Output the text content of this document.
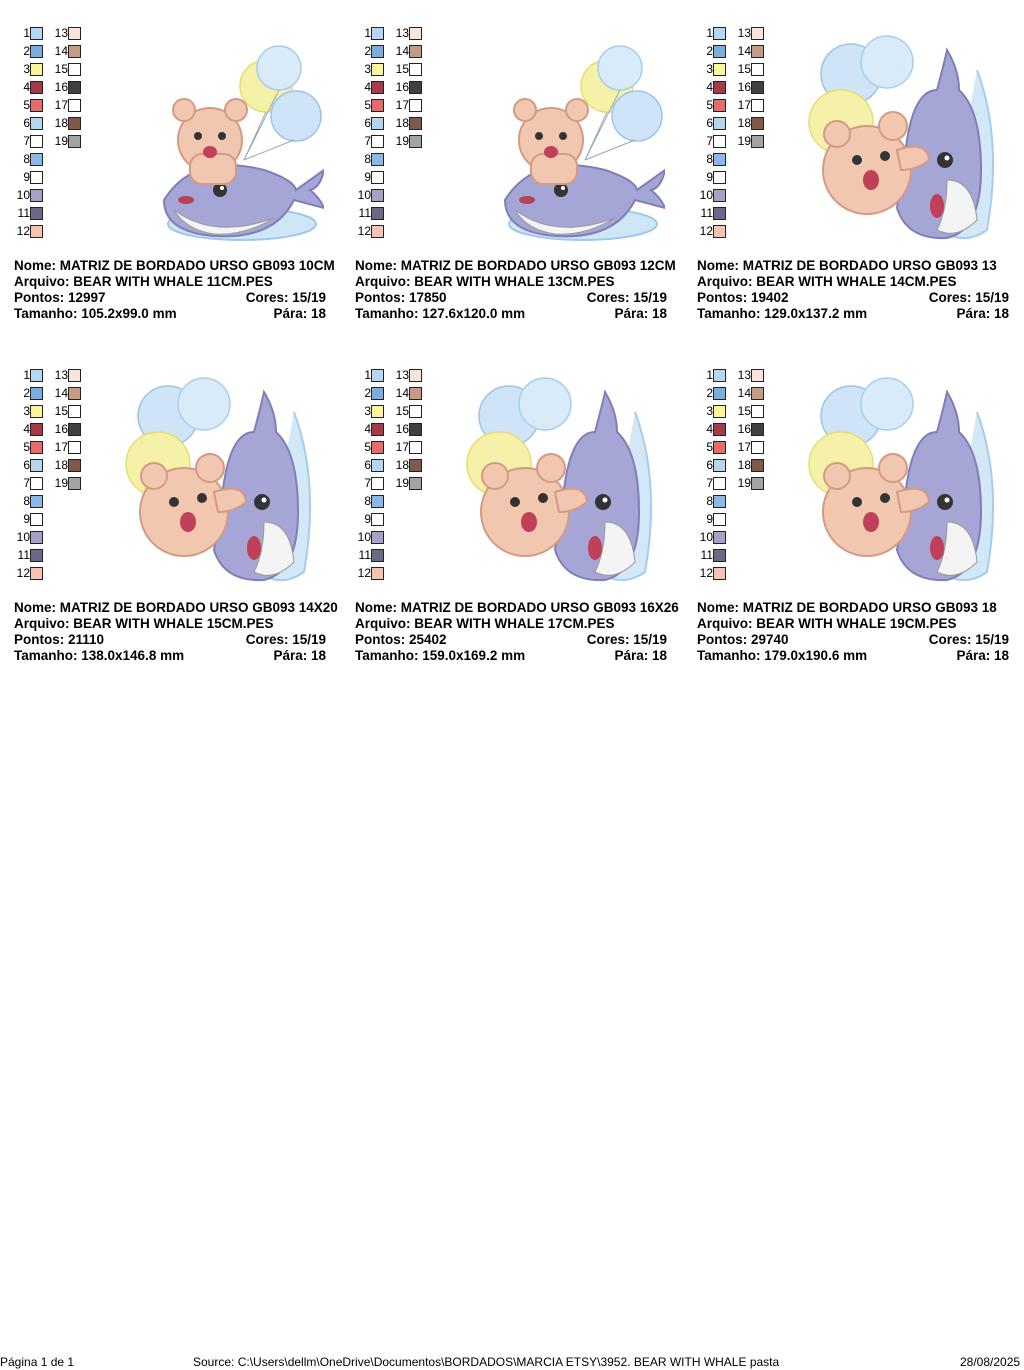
1
2
3
4
5
6
7
8
9
10
11
12
13
14
15
16
17
18
19
Nome: MATRIZ DE BORDADO URSO GB093 10CM
Arquivo: BEAR WITH WHALE 11CM.PES
Pontos: 12997	Cores: 15/19
Tamanho: 105.2x99.0 mm	Pára: 18
1
2
3
4
5
6
7
8
9
10
11
12
13
14
15
16
17
18
19
Nome: MATRIZ DE BORDADO URSO GB093 12CM
Arquivo: BEAR WITH WHALE 13CM.PES
Pontos: 17850	Cores: 15/19
Tamanho: 127.6x120.0 mm	Pára: 18
1
2
3
4
5
6
7
8
9
10
11
12
13
14
15
16
17
18
19
Nome: MATRIZ DE BORDADO URSO GB093 13
Arquivo: BEAR WITH WHALE 14CM.PES
Pontos: 19402	Cores: 15/19
Tamanho: 129.0x137.2 mm	Pára: 18
1
2
3
4
5
6
7
8
9
10
11
12
13
14
15
16
17
18
19
Nome: MATRIZ DE BORDADO URSO GB093 14X20
Arquivo: BEAR WITH WHALE 15CM.PES
Pontos: 21110	Cores: 15/19
Tamanho: 138.0x146.8 mm	Pára: 18
1
2
3
4
5
6
7
8
9
10
11
12
13
14
15
16
17
18
19
Nome: MATRIZ DE BORDADO URSO GB093 16X26
Arquivo: BEAR WITH WHALE 17CM.PES
Pontos: 25402	Cores: 15/19
Tamanho: 159.0x169.2 mm	Pára: 18
1
2
3
4
5
6
7
8
9
10
11
12
13
14
15
16
17
18
19
Nome: MATRIZ DE BORDADO URSO GB093 18
Arquivo: BEAR WITH WHALE 19CM.PES
Pontos: 29740	Cores: 15/19
Tamanho: 179.0x190.6 mm	Pára: 18
Página 1 de 1	Source: C:\Users\dellm\OneDrive\Documentos\BORDADOS\MARCIA ETSY\3952. BEAR WITH WHALE pasta	28/08/2025
